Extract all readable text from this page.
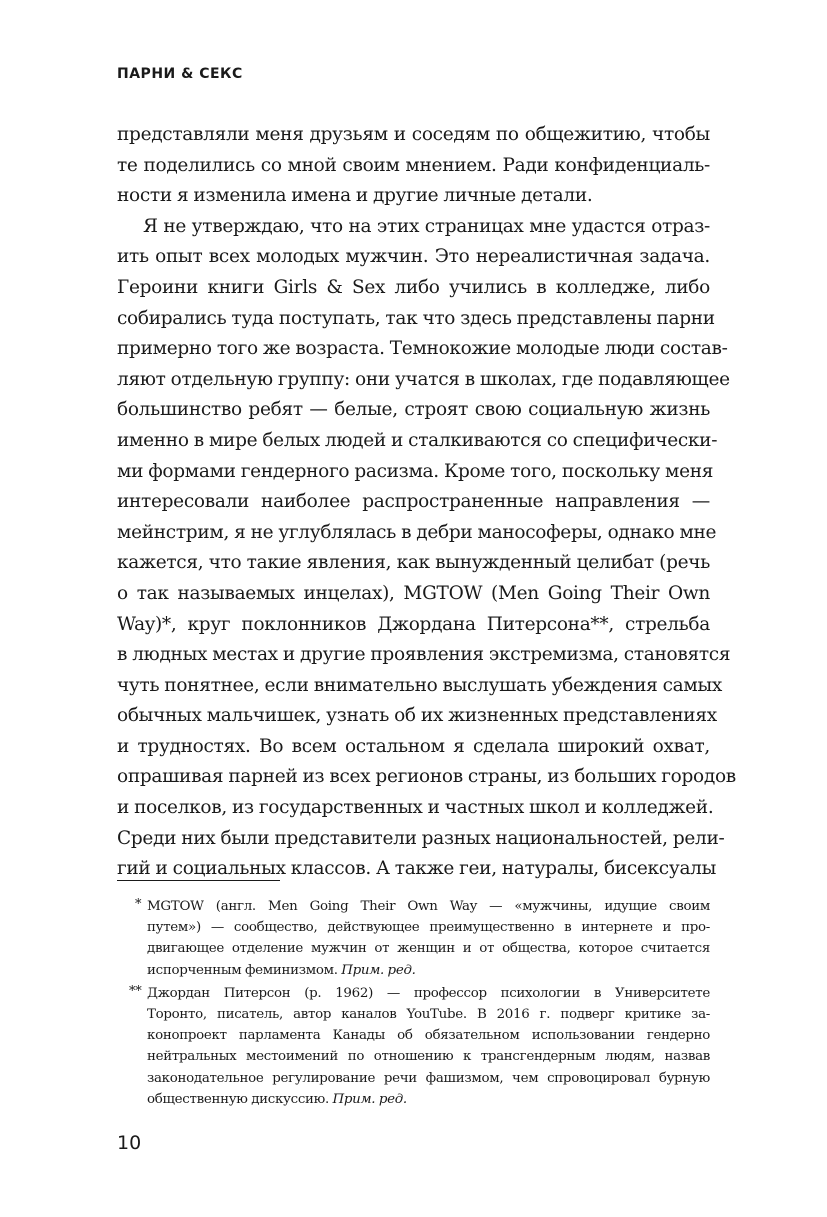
ПАРНИ & СЕКС
представляли меня друзьям и соседям по общежитию, чтобы
те поделились со мной своим мнением. Ради конфиденциаль-
ности я изменила имена и другие личные детали.
Я не утверждаю, что на этих страницах мне удастся отраз-
ить опыт всех молодых мужчин. Это нереалистичная задача.
Героини книги Girls & Sex либо учились в колледже, либо
собирались туда поступать, так что здесь представлены парни
примерно того же возраста. Темнокожие молодые люди состав-
ляют отдельную группу: они учатся в школах, где подавляющее
большинство ребят — белые, строят свою социальную жизнь
именно в мире белых людей и сталкиваются со специфически-
ми формами гендерного расизма. Кроме того, поскольку меня
интересовали наиболее распространенные направления —
мейнстрим, я не углублялась в дебри манософеры, однако мне
кажется, что такие явления, как вынужденный целибат (речь
о так называемых инцелах), MGTOW (Men Going Their Own
Way)*, круг поклонников Джордана Питерсона**, стрельба
в людных местах и другие проявления экстремизма, становятся
чуть понятнее, если внимательно выслушать убеждения самых
обычных мальчишек, узнать об их жизненных представлениях
и трудностях. Во всем остальном я сделала широкий охват,
опрашивая парней из всех регионов страны, из больших городов
и поселков, из государственных и частных школ и колледжей.
Среди них были представители разных национальностей, рели-
гий и социальных классов. А также геи, натуралы, бисексуалы
* MGTOW (англ. Men Going Their Own Way — «мужчины, идущие своим
путем») — сообщество, действующее преимущественно в интернете и про-
двигающее отделение мужчин от женщин и от общества, которое считается
испорченным феминизмом. Прим. ред.
** Джордан Питерсон (р. 1962) — профессор психологии в Университете
Торонто, писатель, автор каналов YouTube. В 2016 г. подверг критике за-
конопроект парламента Канады об обязательном использовании гендерно
нейтральных местоимений по отношению к трансгендерным людям, назвав
законодательное регулирование речи фашизмом, чем спровоцировал бурную
общественную дискуссию. Прим. ред.
10
